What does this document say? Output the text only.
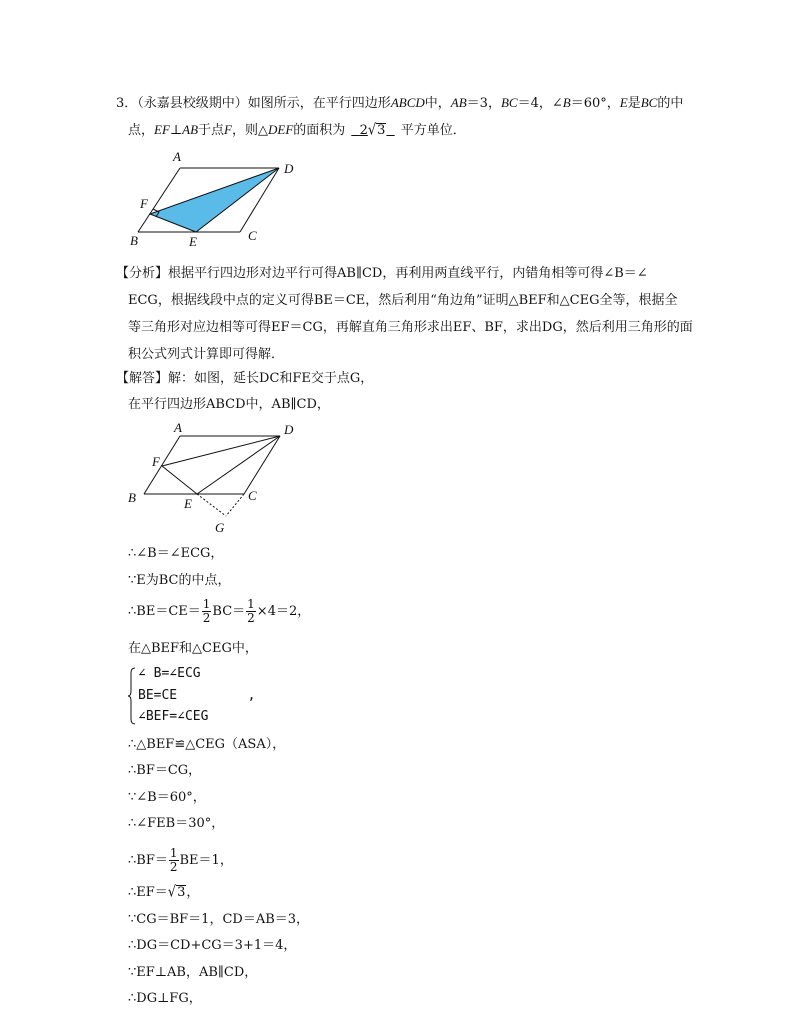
3．（永嘉县校级期中）如图所示，在平行四边形ABCD中，AB＝3，BC＝4，∠B＝60°，E是BC的中
点，EF⊥AB于点F，则△DEF的面积为 2√3 平方单位．
A
D
F
B	E	C
【分析】根据平行四边形对边平行可得AB∥CD，再利用两直线平行，内错角相等可得∠B＝∠
ECG，根据线段中点的定义可得BE＝CE，然后利用“角边角”证明△BEF和△CEG全等，根据全
等三角形对应边相等可得EF＝CG，再解直角三角形求出EF、BF，求出DG，然后利用三角形的面
积公式列式计算即可得解．
【解答】解：如图，延长DC和FE交于点G，
在平行四边形ABCD中，AB∥CD，
A	D
F
B	E
C
G
∴∠B＝∠ECG，
∵E为BC的中点，
∴BE＝CE＝ $\frac{1}{2} BC= \frac{1}{2} \times 4=2$，
在△BEF和△CEG中，
∠ B=∠ECG
BE=CE         ,
∠BEF=∠CEG
∴△BEF≌△CEG（ASA），
∴BF＝CG，
∵∠B＝60°，
∴∠FEB＝30°，
∴BF＝ $\frac{1}{2} BE=1$，
∴EF＝√3，
∵CG＝BF＝1，CD＝AB＝3，
∴DG＝CD+CG＝3+1＝4，
∵EF⊥AB，AB∥CD，
∴DG⊥FG，
